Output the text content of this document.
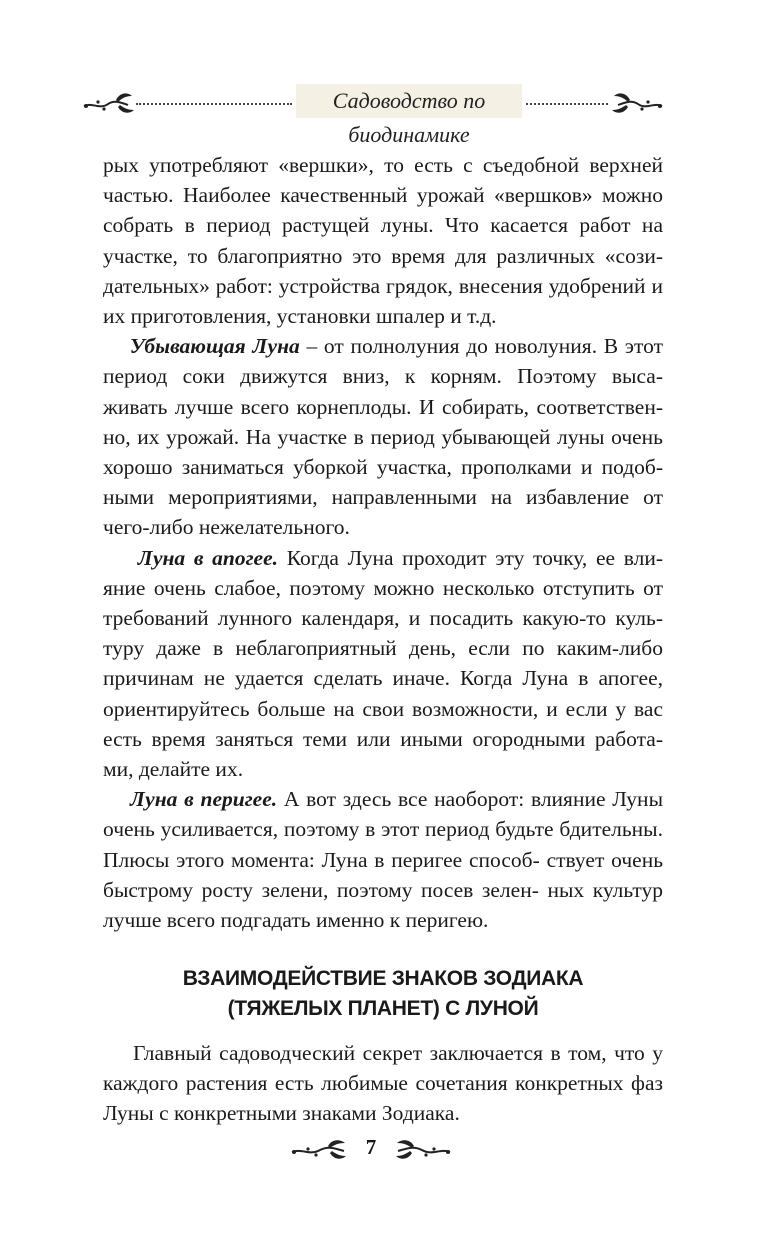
Садоводство по биодинамике

рых употребляют «вершки», то есть с съедобной верхней частью. Наиболее качественный урожай «вершков» можно собрать в период растущей луны. Что касается работ на участке, то благоприятно это время для различных «сози- дательных» работ: устройства грядок, внесения удобрений и их приготовления, установки шпалер и т.д.

Убывающая Луна – от полнолуния до новолуния. В этот период соки движутся вниз, к корням. Поэтому выса- живать лучше всего корнеплоды. И собирать, соответствен- но, их урожай. На участке в период убывающей луны очень хорошо заниматься уборкой участка, прополками и подоб- ными мероприятиями, направленными на избавление от чего-либо нежелательного.

Луна в апогее. Когда Луна проходит эту точку, ее вли- яние очень слабое, поэтому можно несколько отступить от требований лунного календаря, и посадить какую-то куль- туру даже в неблагоприятный день, если по каким-либо причинам не удается сделать иначе. Когда Луна в апогее, ориентируйтесь больше на свои возможности, и если у вас есть время заняться теми или иными огородными работа- ми, делайте их.

Луна в перигее. А вот здесь все наоборот: влияние Луны очень усиливается, поэтому в этот период будьте бдительны. Плюсы этого момента: Луна в перигее способ- ствует очень быстрому росту зелени, поэтому посев зелен- ных культур лучше всего подгадать именно к перигею.

ВЗАИМОДЕЙСТВИЕ ЗНАКОВ ЗОДИАКА
(ТЯЖЕЛЫХ ПЛАНЕТ) С ЛУНОЙ

Главный садоводческий секрет заключается в том, что у каждого растения есть любимые сочетания конкретных фаз Луны с конкретными знаками Зодиака.

7
